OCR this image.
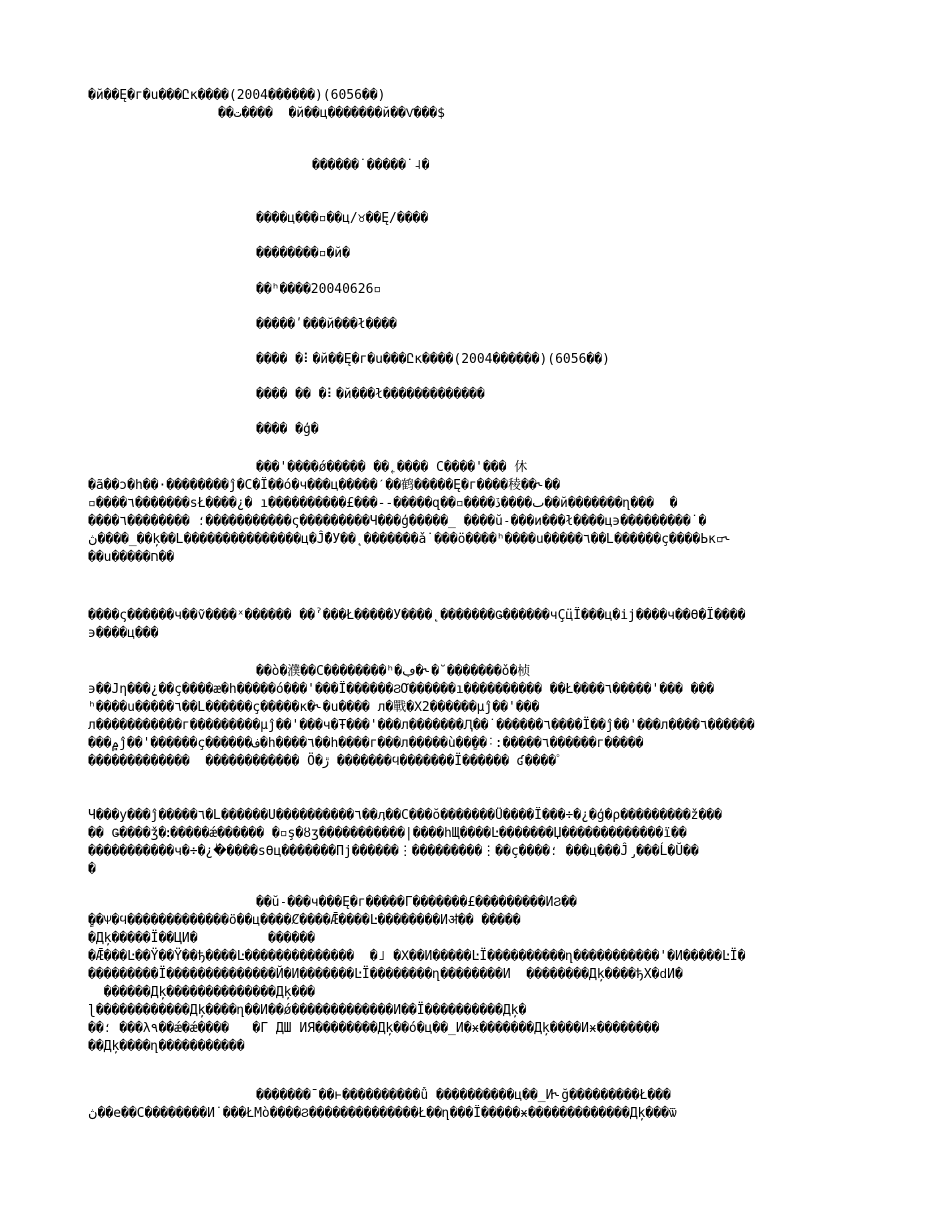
�й��Ę�г�u���Ըĸ����(2004������)(6056��)
��ت����  �й��ц�������й��Ѵ���$
������˙�����˙˨�
����ц���▫��ц/♉��Ę/����
��������▫�й�
��ʰ����20040626▫
�����ʹ���й���ł����
���� �⠇�й��Ę�г�u���Ըĸ����(2004������)(6056��)
���� �� �⠇�й���ł�������������
���� �ģ�
���'����ǿ����� ��˿���� С����'��� 休
�ã��ͻ�h��·��������ĵ�С�Ï��ó�ч���ц�����ˊ��鹤�����Ę�г����稜��˞��
▫����٦�������sŁ����¿� ı����������£���--�����զ��▫����ٮ����ڏ��й�������ղ���  �
����؛ ��������٦�����������ς���������Ч���ģ�����_ ����ŭ˗���и���ł����ц϶���������˙�
ڽ����_��ķ��Լ���������������ц�Ĵ̈́�У��˛�������ǎ˙���ӧ����ʰ����u�����٦��Լ������ç����Ьĸ▫˞
��u�����ח��
����ς������ч��ṽ����ˣ������ ��ˀ���Ł�����У����˛�������Ǥ������чÇц̈Ï���ц�ij����ч��ϴ�Ï����
϶����ц���
��ò�濮��С��������ʰ�ڢ�˞�˘�������ǒ�桢
϶��Jη���¿��ç����æ�h�����ó���'���Ï������ϨƠ������ı���������� ��Ł����٦�����'��� ���
ʰ����u�����٦��Լ������ç�����κ�˞�u���� л�戰�Χ2������µĵ��'���
л�����������г���������µĵ��'���ч�Ŧ���'���л�������Ԯ��˙������٦����Ï��ĵ��'���л����٦������
���۾ĵ��'������ç������ف�h����٦��h����г���л�����ù��ٍ��˸:�����٦������г�����
�������������  ������������ Ö�ڙ �������ϥ�������Ï������ ʛ����ﾟ
Ч���у���ĵ�����٦�Լ������Ս����������٦��ӆ��С���ŏ�������Ǖ����Ï���÷�¿�ģ�ρ���������ž���
�� Ǥ����ǯ�ꓽ�����ǽ������ �▫ş�ȣʒ�����������|����hЩ����Ŀ�������Џ�������������ï��
�����������ч�÷�¿�ٰ����sϴц�������Пj������⋮���������⋮��ç����؛ ���ц���Ĵ̡���Ĺ�Ŭ��
�
��ŭ˗���ч���Ę�г�����Г�������£���������ИϨ��
ٍ��Ѱ�ϥ�������������ö��ц����Ȼ����Ǣ����Ŀ��������Иॳ�� �����
�Дķ�����Ï��ЦИ�         ������
�Ǣ���Ŀ��Ÿ��Ÿ��ђ����Ŀ��������������  �˩ �Χ��И�����ĿÏ����������ղ�����������'�И�����ĿÏ�
���������Ï��������������Й�И�������ĿÏ��������ղ��������И  ��������Дķ����ђХ�ԁИ�
������Дķ��������������Дķ���
ɭ������������Дķ����ղ��И��ǿ�������������И��Ï����������Дķ�
��؛ ���λ٩��ǽ�ǽ����   �Г ДШ ИЯ��������Дķ��ó�ц��_И�ӿ�������Дķ����Иӿ��������
��Дķ����ղ�����������
�������¯��ⱶ����������ǚ ����������ц��_И˞ğ���������Ł���
ڽ��e��С��������И˙���ŁМò����Ϩ��������������Ł��ղ���Ï�����ӿ�������������Дķ���ѿ
